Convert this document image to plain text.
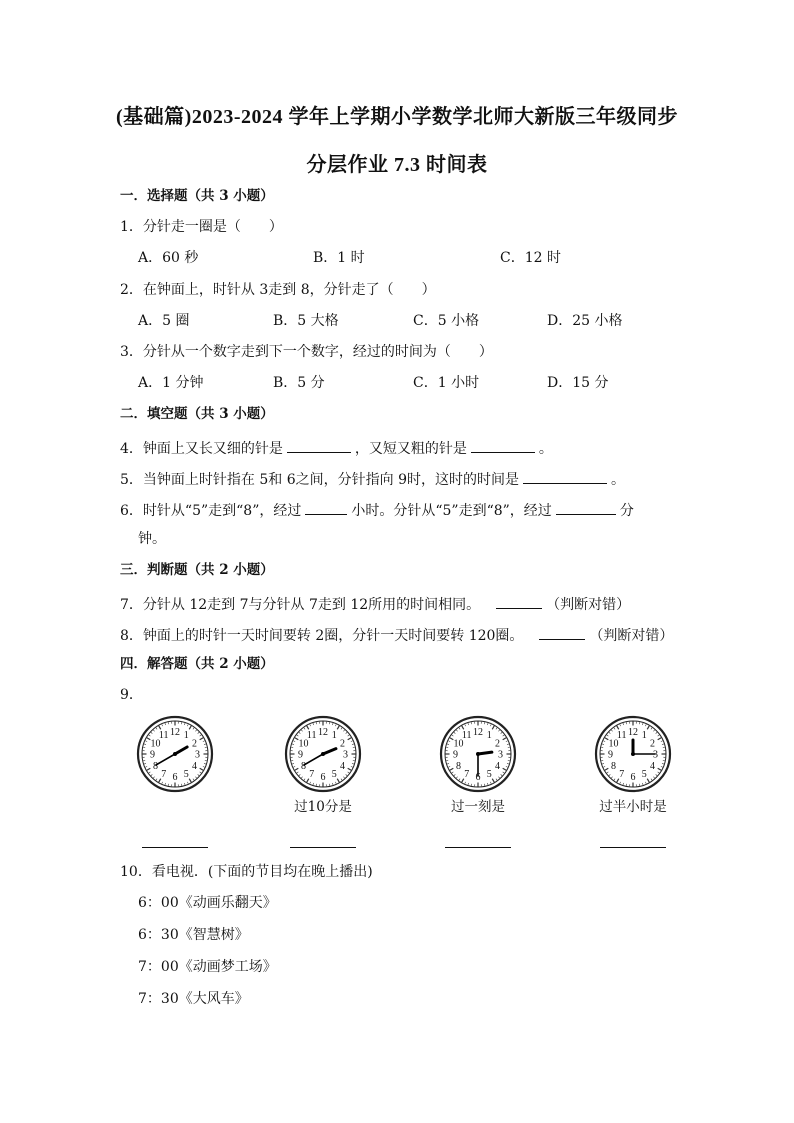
(基础篇)2023-2024 学年上学期小学数学北师大新版三年级同步
分层作业 7.3 时间表
一．选择题（共 3 小题）
1．分针走一圈是（　　）
A．60 秒	B．1 时	C．12 时
2．在钟面上，时针从 3走到 8，分针走了（　　）
A．5 圈	B．5 大格	C．5 小格	D．25 小格
3．分针从一个数字走到下一个数字，经过的时间为（　　）
A．1 分钟	B．5 分	C．1 小时	D．15 分
二．填空题（共 3 小题）
4．钟面上又长又细的针是	，又短又粗的针是	。
5．当钟面上时针指在 5和 6之间，分针指向 9时，这时的时间是	。
6．时针从“5”走到“8”，经过	小时。分针从“5”走到“8”，经过	分
钟。
三．判断题（共 2 小题）
7．分针从 12走到 7与分针从 7走到 12所用的时间相同。	（判断对错）
8．钟面上的时针一天时间要转 2圈，分针一天时间要转 120圈。	（判断对错）
四．解答题（共 2 小题）
9．
12 1
2
3
4
5
6
7
8
9
10
11	12 1
2
3
4
5
6
7
8
9
10
11	12 1
2
3
4
5
6
7
8
9
10
11	12 1
2
3
4
5
6
7
8
9
10
11
过10分是	过一刻是	过半小时是
10．看电视．(下面的节目均在晚上播出)
6：00《动画乐翻天》
6：30《智慧树》
7：00《动画梦工场》
7：30《大风车》
